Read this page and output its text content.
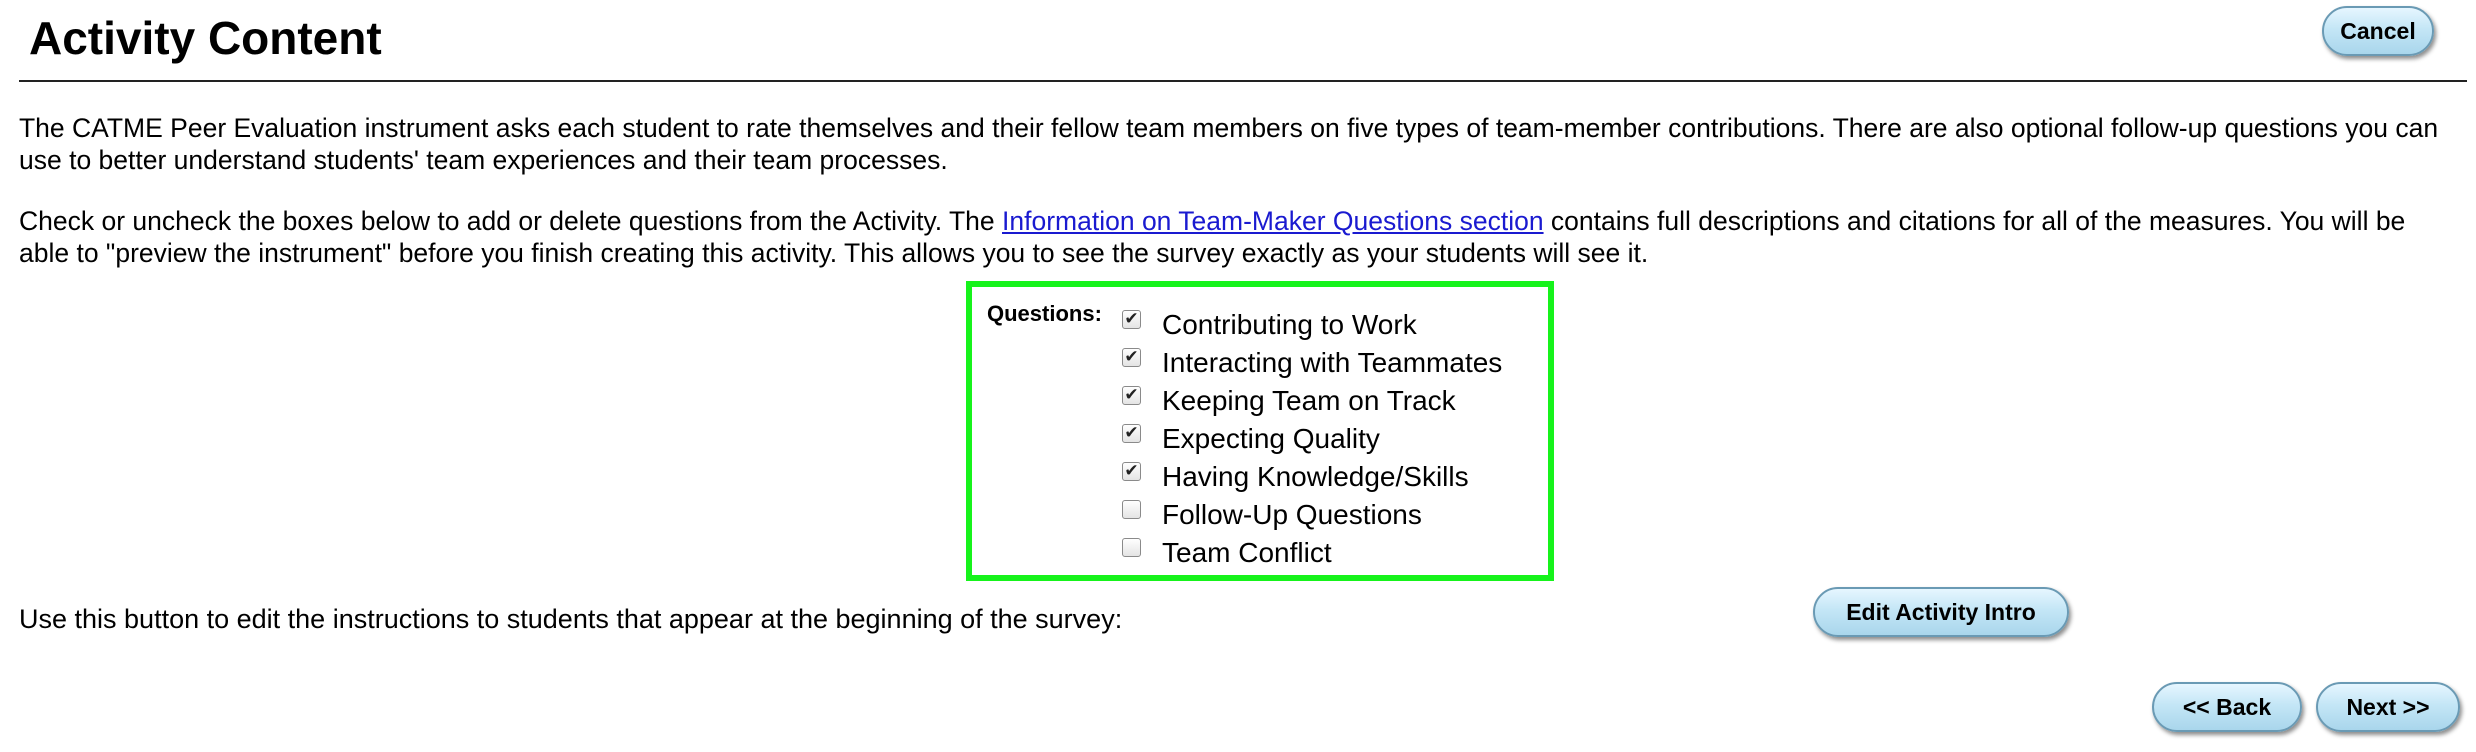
Activity Content	Cancel

The CATME Peer Evaluation instrument asks each student to rate themselves and their fellow team members on five types of team-member contributions. There are also optional follow-up questions you can use to better understand students' team experiences and their team processes.

Check or uncheck the boxes below to add or delete questions from the Activity. The Information on Team-Maker Questions section contains full descriptions and citations for all of the measures. You will be able to "preview the instrument" before you finish creating this activity. This allows you to see the survey exactly as your students will see it.

Questions: ✔ Contributing to Work
✔ Interacting with Teammates
✔ Keeping Team on Track
✔ Expecting Quality
✔ Having Knowledge/Skills
Follow-Up Questions
Team Conflict

Use this button to edit the instructions to students that appear at the beginning of the survey:	Edit Activity Intro
<< Back	Next >>
